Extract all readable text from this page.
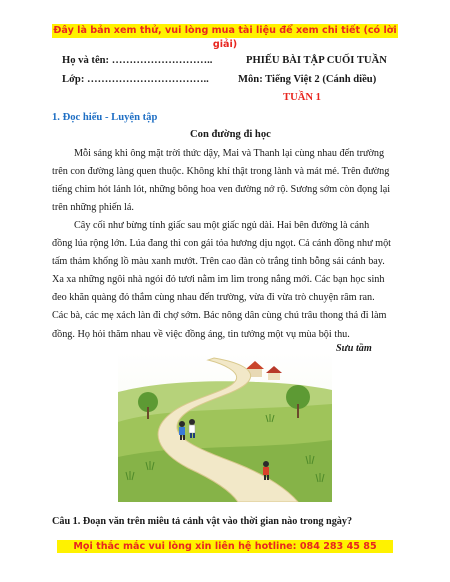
Đây là bản xem thử, vui lòng mua tài liệu để xem chi tiết (có lời giải)
Họ và tên: ………………………..
Lớp: ……………………………..
PHIẾU BÀI TẬP CUỐI TUẦN
Môn: Tiếng Việt 2 (Cánh diều)
TUẦN 1
1. Đọc hiểu - Luyện tập
Con đường đi học
Mỗi sáng khi ông mặt trời thức dậy, Mai và Thanh lại cùng nhau đến trường
trên con đường làng quen thuộc. Không khí thật trong lành và mát mẻ. Trên đường
tiếng chim hót lánh lót, những bông hoa ven đường nở rộ. Sương sớm còn đọng lại
trên những phiến lá.
Cây cối như bừng tỉnh giấc sau một giấc ngủ dài. Hai bên đường là cánh
đồng lúa rộng lớn. Lúa đang thì con gái tỏa hương dịu ngọt. Cả cánh đồng như một
tấm thảm khổng lồ màu xanh mướt. Trên cao đàn cò trắng tinh bỗng sải cánh bay.
Xa xa những ngôi nhà ngói đỏ tươi nằm im lìm trong nắng mới. Các bạn học sinh
đeo khăn quàng đỏ thắm cùng nhau đến trường, vừa đi vừa trò chuyện râm ran.
Các bà, các mẹ xách làn đi chợ sớm. Bác nông dân cùng chú trâu thong thả đi làm
đồng. Họ hỏi thăm nhau về việc đồng áng, tin tưởng một vụ mùa bội thu.
Sưu tầm
Câu 1. Đoạn văn trên miêu tả cảnh vật vào thời gian nào trong ngày?
Mọi thắc mắc vui lòng xin liên hệ hotline: 084 283 45 85
